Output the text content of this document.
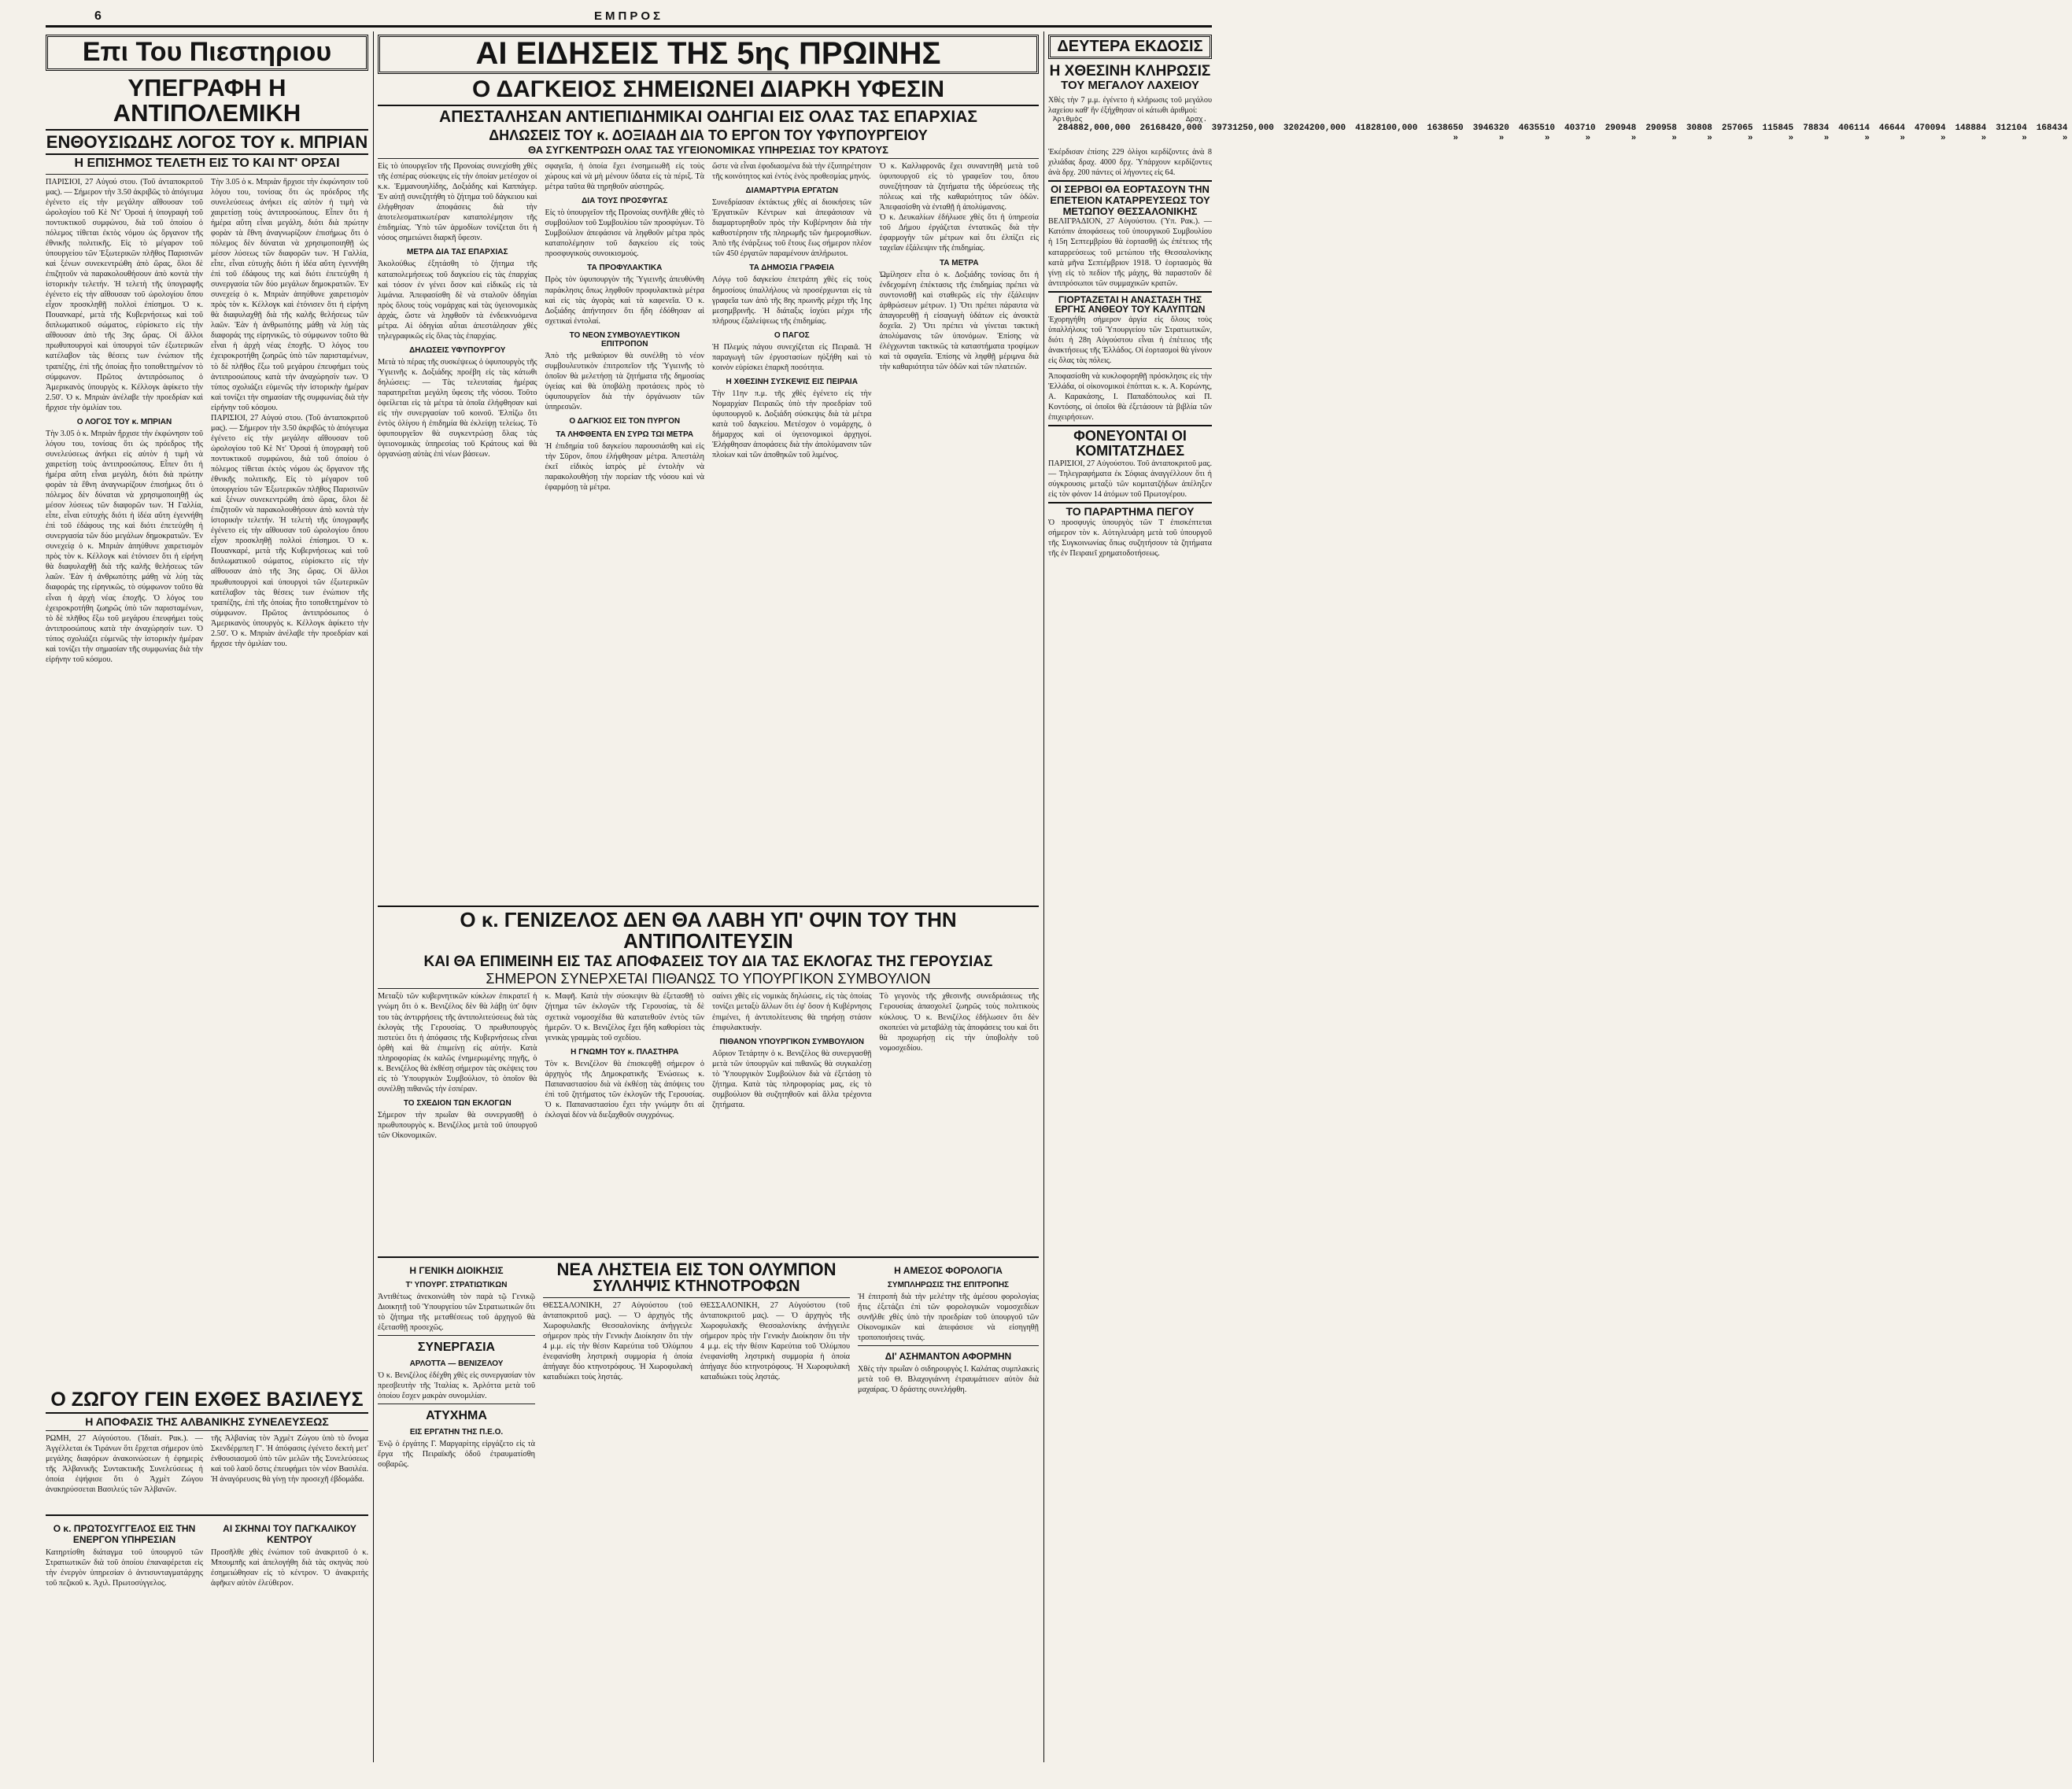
6	ΕΜΠΡΟΣ
Επι Του Πιεστηριου
ΥΠΕΓΡΑΦΗ Η ΑΝΤΙΠΟΛΕΜΙΚΗ
ΕΝΘΟΥΣΙΩΔΗΣ ΛΟΓΟΣ ΤΟΥ κ. ΜΠΡΙΑΝ
Η ΕΠΙΣΗΜΟΣ ΤΕΛΕΤΗ ΕΙΣ ΤΟ ΚΑΙ ΝΤ' ΟΡΣΑΙ

ΠΑΡΙΣΙΟΙ, 27 Αὐγού στου. (Τοῦ ἀνταποκριτοῦ μας). — Σήμερον τὴν 3.50 ἀκριβῶς τὸ ἀπόγευμα ἐγένετο εἰς τὴν μεγάλην αἴθουσαν τοῦ ὡρολογίου τοῦ Κὲ Ντ' Ὀρσαὶ ἡ ὑπογραφὴ τοῦ ποντυκτικοῦ συμφώνου, διὰ τοῦ ὁποίου ὁ πόλεμος τίθεται ἐκτὸς νόμου ὡς ὄργανον τῆς ἐθνικῆς πολιτικῆς. Εἰς τὸ μέγαρον τοῦ ὑπουργείου τῶν Ἐξωτερικῶν πλῆθος Παρισινῶν καὶ ξένων συνεκεντρώθη ἀπὸ ὥρας, ὅλοι δὲ ἐπιζητοῦν νὰ παρακολουθήσουν ἀπὸ κοντὰ τὴν ἱστορικὴν τελετήν. Ἡ τελετὴ τῆς ὑπογραφῆς ἐγένετο εἰς τὴν αἴθουσαν τοῦ ὡρολογίου ὅπου εἶχον προσκληθῇ πολλοὶ ἐπίσημοι. Ὁ κ. Πουανκαρέ, μετὰ τῆς Κυβερνήσεως καὶ τοῦ διπλωματικοῦ σώματος, εὑρίσκετο εἰς τὴν αἴθουσαν ἀπὸ τῆς 3ης ὥρας. Οἱ ἄλλοι πρωθυπουργοὶ καὶ ὑπουργοὶ τῶν ἐξωτερικῶν κατέλαβον τὰς θέσεις των ἐνώπιον τῆς τραπέζης, ἐπὶ τῆς ὁποίας ἦτο τοποθετημένον τὸ σύμφωνον. Πρῶτος ἀντιπρόσωπος ὁ Ἀμερικανὸς ὑπουργὸς κ. Κέλλογκ ἀφίκετο τὴν 2.50'. Ὁ κ. Μπριὰν ἀνέλαβε τὴν προεδρίαν καὶ ἤρχισε τὴν ὁμιλίαν του.

Ο ΛΟΓΟΣ ΤΟΥ κ. ΜΠΡΙΑΝ

Τὴν 3.05 ὁ κ. Μπριὰν ἤρχισε τὴν ἐκφώνησιν τοῦ λόγου του, τονίσας ὅτι ὡς πρόεδρος τῆς συνελεύσεως ἀνήκει εἰς αὐτὸν ἡ τιμὴ νὰ χαιρετίσῃ τοὺς ἀντιπροσώπους. Εἶπεν ὅτι ἡ ἡμέρα αὕτη εἶναι μεγάλη, διότι διὰ πρώτην φορὰν τὰ ἔθνη ἀναγνωρίζουν ἐπισήμως ὅτι ὁ πόλεμος δὲν δύναται νὰ χρησιμοποιηθῇ ὡς μέσον λύσεως τῶν διαφορῶν των. Ἡ Γαλλία, εἶπε, εἶναι εὐτυχὴς διότι ἡ ἰδέα αὕτη ἐγεννήθη ἐπὶ τοῦ ἐδάφους της καὶ διότι ἐπετεύχθη ἡ συνεργασία τῶν δύο μεγάλων δημοκρατιῶν. Ἐν συνεχείᾳ ὁ κ. Μπριὰν ἀπηύθυνε χαιρετισμὸν πρὸς τὸν κ. Κέλλογκ καὶ ἐτόνισεν ὅτι ἡ εἰρήνη θὰ διαφυλαχθῇ διὰ τῆς καλῆς θελήσεως τῶν λαῶν. Ἐὰν ἡ ἀνθρωπότης μάθῃ νὰ λύῃ τὰς διαφοράς της εἰρηνικῶς, τὸ σύμφωνον τοῦτο θὰ εἶναι ἡ ἀρχὴ νέας ἐποχῆς. Ὁ λόγος του ἐχειροκροτήθη ζωηρῶς ὑπὸ τῶν παρισταμένων, τὸ δὲ πλῆθος ἔξω τοῦ μεγάρου ἐπευφήμει τοὺς ἀντιπροσώπους κατὰ τὴν ἀναχώρησίν των. Ὁ τύπος σχολιάζει εὐμενῶς τὴν ἱστορικὴν ἡμέραν καὶ τονίζει τὴν σημασίαν τῆς συμφωνίας διὰ τὴν εἰρήνην τοῦ κόσμου.

Τὴν 3.05 ὁ κ. Μπριὰν ἤρχισε τὴν ἐκφώνησιν τοῦ λόγου του, τονίσας ὅτι ὡς πρόεδρος τῆς συνελεύσεως ἀνήκει εἰς αὐτὸν ἡ τιμὴ νὰ χαιρετίσῃ τοὺς ἀντιπροσώπους. Εἶπεν ὅτι ἡ ἡμέρα αὕτη εἶναι μεγάλη, διότι διὰ πρώτην φορὰν τὰ ἔθνη ἀναγνωρίζουν ἐπισήμως ὅτι ὁ πόλεμος δὲν δύναται νὰ χρησιμοποιηθῇ ὡς μέσον λύσεως τῶν διαφορῶν των. Ἡ Γαλλία, εἶπε, εἶναι εὐτυχὴς διότι ἡ ἰδέα αὕτη ἐγεννήθη ἐπὶ τοῦ ἐδάφους της καὶ διότι ἐπετεύχθη ἡ συνεργασία τῶν δύο μεγάλων δημοκρατιῶν. Ἐν συνεχείᾳ ὁ κ. Μπριὰν ἀπηύθυνε χαιρετισμὸν πρὸς τὸν κ. Κέλλογκ καὶ ἐτόνισεν ὅτι ἡ εἰρήνη θὰ διαφυλαχθῇ διὰ τῆς καλῆς θελήσεως τῶν λαῶν. Ἐὰν ἡ ἀνθρωπότης μάθῃ νὰ λύῃ τὰς διαφοράς της εἰρηνικῶς, τὸ σύμφωνον τοῦτο θὰ εἶναι ἡ ἀρχὴ νέας ἐποχῆς. Ὁ λόγος του ἐχειροκροτήθη ζωηρῶς ὑπὸ τῶν παρισταμένων, τὸ δὲ πλῆθος ἔξω τοῦ μεγάρου ἐπευφήμει τοὺς ἀντιπροσώπους κατὰ τὴν ἀναχώρησίν των. Ὁ τύπος σχολιάζει εὐμενῶς τὴν ἱστορικὴν ἡμέραν καὶ τονίζει τὴν σημασίαν τῆς συμφωνίας διὰ τὴν εἰρήνην τοῦ κόσμου.

ΠΑΡΙΣΙΟΙ, 27 Αὐγού στου. (Τοῦ ἀνταποκριτοῦ μας). — Σήμερον τὴν 3.50 ἀκριβῶς τὸ ἀπόγευμα ἐγένετο εἰς τὴν μεγάλην αἴθουσαν τοῦ ὡρολογίου τοῦ Κὲ Ντ' Ὀρσαὶ ἡ ὑπογραφὴ τοῦ ποντυκτικοῦ συμφώνου, διὰ τοῦ ὁποίου ὁ πόλεμος τίθεται ἐκτὸς νόμου ὡς ὄργανον τῆς ἐθνικῆς πολιτικῆς. Εἰς τὸ μέγαρον τοῦ ὑπουργείου τῶν Ἐξωτερικῶν πλῆθος Παρισινῶν καὶ ξένων συνεκεντρώθη ἀπὸ ὥρας, ὅλοι δὲ ἐπιζητοῦν νὰ παρακολουθήσουν ἀπὸ κοντὰ τὴν ἱστορικὴν τελετήν. Ἡ τελετὴ τῆς ὑπογραφῆς ἐγένετο εἰς τὴν αἴθουσαν τοῦ ὡρολογίου ὅπου εἶχον προσκληθῇ πολλοὶ ἐπίσημοι. Ὁ κ. Πουανκαρέ, μετὰ τῆς Κυβερνήσεως καὶ τοῦ διπλωματικοῦ σώματος, εὑρίσκετο εἰς τὴν αἴθουσαν ἀπὸ τῆς 3ης ὥρας. Οἱ ἄλλοι πρωθυπουργοὶ καὶ ὑπουργοὶ τῶν ἐξωτερικῶν κατέλαβον τὰς θέσεις των ἐνώπιον τῆς τραπέζης, ἐπὶ τῆς ὁποίας ἦτο τοποθετημένον τὸ σύμφωνον. Πρῶτος ἀντιπρόσωπος ὁ Ἀμερικανὸς ὑπουργὸς κ. Κέλλογκ ἀφίκετο τὴν 2.50'. Ὁ κ. Μπριὰν ἀνέλαβε τὴν προεδρίαν καὶ ἤρχισε τὴν ὁμιλίαν του.

Ο ΖΩΓΟΥ ΓΕΙΝ ΕΧΘΕΣ ΒΑΣΙΛΕΥΣ
Η ΑΠΟΦΑΣΙΣ ΤΗΣ ΑΛΒΑΝΙΚΗΣ ΣΥΝΕΛΕΥΣΕΩΣ

ΡΩΜΗ, 27 Αὐγούστου. (Ἰδιαίτ. Ρακ.). — Ἀγγέλλεται ἐκ Τιράνων ὅτι ἔρχεται σήμερον ὑπὸ μεγάλης διαφόρων ἀνακοινώσεων ἡ ἐφημερὶς τῆς Ἀλβανικῆς Συντακτικῆς Συνελεύσεως ἡ ὁποία ἐψήφισε ὅτι ὁ Ἀχμὲτ Ζώγου ἀνακηρύσσεται Βασιλεύς τῶν Ἀλβανῶν.

τῆς Ἀλβανίας τὸν Ἀχμὲτ Ζώγου ὑπὸ τὸ ὄνομα Σκενδέρμπεη Γ'. Ἡ ἀπόφασις ἐγένετο δεκτὴ μετ' ἐνθουσιασμοῦ ὑπὸ τῶν μελῶν τῆς Συνελεύσεως καὶ τοῦ λαοῦ ὅστις ἐπευφήμει τὸν νέον Βασιλέα. Ἡ ἀναγόρευσις θὰ γίνῃ τὴν προσεχῆ ἑβδομάδα.

Ο κ. ΠΡΩΤΟΣΥΓΓΕΛΟΣ ΕΙΣ ΤΗΝ ΕΝΕΡΓΟΝ ΥΠΗΡΕΣΙΑΝ

Κατηρτίσθη διάταγμα τοῦ ὑπουργοῦ τῶν Στρατιωτικῶν διὰ τοῦ ὁποίου ἐπαναφέρεται εἰς τὴν ἐνεργὸν ὑπηρεσίαν ὁ ἀντισυνταγματάρχης τοῦ πεζικοῦ κ. Ἀχιλ. Πρωτοσύγγελος.

ΑΙ ΣΚΗΝΑΙ ΤΟΥ ΠΑΓΚΑΛΙΚΟΥ ΚΕΝΤΡΟΥ

Προσῆλθε χθὲς ἐνώπιον τοῦ ἀνακριτοῦ ὁ κ. Μπουμπῆς καὶ ἀπελογήθη διὰ τὰς σκηνὰς ποὺ ἐσημειώθησαν εἰς τὸ κέντρον. Ὁ ἀνακριτὴς ἀφῆκεν αὐτὸν ἐλεύθερον.

ΑΙ ΕΙΔΗΣΕΙΣ ΤΗΣ 5ης ΠΡΩΙΝΗΣ
Ο ΔΑΓΚΕΙΟΣ ΣΗΜΕΙΩΝΕΙ ΔΙΑΡΚΗ ΥΦΕΣΙΝ
ΑΠΕΣΤΑΛΗΣΑΝ ΑΝΤΙΕΠΙΔΗΜΙΚΑΙ ΟΔΗΓΙΑΙ ΕΙΣ ΟΛΑΣ ΤΑΣ ΕΠΑΡΧΙΑΣ
ΔΗΛΩΣΕΙΣ ΤΟΥ κ. ΔΟΞΙΑΔΗ ΔΙΑ ΤΟ ΕΡΓΟΝ ΤΟΥ ΥΦΥΠΟΥΡΓΕΙΟΥ
ΘΑ ΣΥΓΚΕΝΤΡΩΣΗ ΟΛΑΣ ΤΑΣ ΥΓΕΙΟΝΟΜΙΚΑΣ ΥΠΗΡΕΣΙΑΣ ΤΟΥ ΚΡΑΤΟΥΣ

Εἰς τὸ ὑπουργεῖον τῆς Προνοίας συνεχίσθη χθὲς τῆς ἑσπέρας σύσκεψις εἰς τὴν ὁποίαν μετέσχον οἱ κ.κ. Ἐμμανουηλίδης, Δοξιάδης καὶ Καππάγερ. Ἐν αὐτῇ συνεζητήθη τὸ ζήτημα τοῦ δάγκειου καὶ ἐλήφθησαν ἀποφάσεις διὰ τὴν ἀποτελεσματικωτέραν καταπολέμησιν τῆς ἐπιδημίας. Ὑπὸ τῶν ἁρμοδίων τονίζεται ὅτι ἡ νόσος σημειώνει διαρκῆ ὕφεσιν.

ΜΕΤΡΑ ΔΙΑ ΤΑΣ ΕΠΑΡΧΙΑΣ

Ἀκολούθως ἐξητάσθη τὸ ζήτημα τῆς καταπολεμήσεως τοῦ δαγκείου εἰς τὰς ἐπαρχίας καὶ τόσον ἐν γένει ὅσον καὶ εἰδικῶς εἰς τὰ λιμάνια. Ἀπεφασίσθη δὲ νὰ σταλοῦν ὁδηγίαι πρὸς ὅλους τοὺς νομάρχας καὶ τὰς ὑγειονομικὰς ἀρχάς, ὥστε νὰ ληφθοῦν τὰ ἐνδεικνυόμενα μέτρα. Αἱ ὁδηγίαι αὗται ἀπεστάλησαν χθὲς τηλεγραφικῶς εἰς ὅλας τὰς ἐπαρχίας.

ΔΗΛΩΣΕΙΣ ΥΦΥΠΟΥΡΓΟΥ

Μετὰ τὸ πέρας τῆς συσκέψεως ὁ ὑφυπουργὸς τῆς Ὑγιεινῆς κ. Δοξιάδης προέβη εἰς τὰς κάτωθι δηλώσεις: — Τὰς τελευταίας ἡμέρας παρατηρεῖται μεγάλη ὕφεσις τῆς νόσου. Τοῦτο ὀφείλεται εἰς τὰ μέτρα τὰ ὁποῖα ἐλήφθησαν καὶ εἰς τὴν συνεργασίαν τοῦ κοινοῦ. Ἐλπίζω ὅτι ἐντὸς ὀλίγου ἡ ἐπιδημία θὰ ἐκλείψῃ τελείως. Τὸ ὑφυπουργεῖον θὰ συγκεντρώσῃ ὅλας τὰς ὑγειονομικὰς ὑπηρεσίας τοῦ Κράτους καὶ θὰ ὀργανώσῃ αὐτὰς ἐπὶ νέων βάσεων.

σφαγεῖα, ἡ ὁποία ἔχει ἐνσημειωθῆ εἰς τοὺς χώρους καὶ νὰ μὴ μένουν ὕδατα εἰς τὰ πέριξ. Τὰ μέτρα ταῦτα θὰ τηρηθοῦν αὐστηρῶς.

ΔΙΑ ΤΟΥΣ ΠΡΟΣΦΥΓΑΣ

Εἰς τὸ ὑπουργεῖον τῆς Προνοίας συνῆλθε χθὲς τὸ συμβούλιον τοῦ Συμβουλίου τῶν προσφύγων. Τὸ Συμβούλιον ἀπεφάσισε νὰ ληφθοῦν μέτρα πρὸς καταπολέμησιν τοῦ δαγκείου εἰς τοὺς προσφυγικοὺς συνοικισμούς.

ΤΑ ΠΡΟΦΥΛΑΚΤΙΚΑ

Πρὸς τὸν ὑφυπουργὸν τῆς Ὑγιεινῆς ἀπευθύνθη παράκλησις ὅπως ληφθοῦν προφυλακτικὰ μέτρα καὶ εἰς τὰς ἀγορὰς καὶ τὰ καφενεῖα. Ὁ κ. Δοξιάδης ἀπήντησεν ὅτι ἤδη ἐδόθησαν αἱ σχετικαὶ ἐντολαί.

ΤΟ ΝΕΟΝ ΣΥΜΒΟΥΛΕΥΤΙΚΟΝ ΕΠΙΤΡΟΠΟΝ

Ἀπὸ τῆς μεθαύριον θὰ συνέλθῃ τὸ νέον συμβουλευτικὸν ἐπιτροπεῖον τῆς Ὑγιεινῆς τὸ ὁποῖον θὰ μελετήσῃ τὰ ζητήματα τῆς δημοσίας ὑγείας καὶ θὰ ὑποβάλῃ προτάσεις πρὸς τὸ ὑφυπουργεῖον διὰ τὴν ὀργάνωσιν τῶν ὑπηρεσιῶν.

Ο ΔΑΓΚΙΟΣ ΕΙΣ ΤΟΝ ΠΥΡΓΟΝ
ΤΑ ΛΗΦΘΕΝΤΑ ΕΝ ΣΥΡΩ ΤΩΙ ΜΕΤΡΑ

Ἡ ἐπιδημία τοῦ δαγκείου παρουσιάσθη καὶ εἰς τὴν Σῦρον, ὅπου ἐλήφθησαν μέτρα. Ἀπεστάλη ἐκεῖ εἰδικὸς ἰατρὸς μὲ ἐντολὴν νὰ παρακολουθήσῃ τὴν πορείαν τῆς νόσου καὶ νὰ ἐφαρμόσῃ τὰ μέτρα.

ὥστε νὰ εἶναι ἐφοδιασμένα διὰ τὴν ἐξυπηρέτησιν τῆς κοινότητος καὶ ἐντὸς ἑνὸς προθεσμίας μηνός.

ΔΙΑΜΑΡΤΥΡΙΑ ΕΡΓΑΤΩΝ

Συνεδρίασαν ἐκτάκτως χθὲς αἱ διοικήσεις τῶν Ἐργατικῶν Κέντρων καὶ ἀπεφάσισαν νὰ διαμαρτυρηθοῦν πρὸς τὴν Κυβέρνησιν διὰ τὴν καθυστέρησιν τῆς πληρωμῆς τῶν ἡμερομισθίων. Ἀπὸ τῆς ἐνάρξεως τοῦ ἔτους ἕως σήμερον πλέον τῶν 450 ἐργατῶν παραμένουν ἀπλήρωτοι.

ΤΑ ΔΗΜΟΣΙΑ ΓΡΑΦΕΙΑ

Λόγῳ τοῦ δαγκείου ἐπετράπη χθὲς εἰς τοὺς δημοσίους ὑπαλλήλους νὰ προσέρχωνται εἰς τὰ γραφεῖα των ἀπὸ τῆς 8ης πρωινῆς μέχρι τῆς 1ης μεσημβρινῆς. Ἡ διάταξις ἰσχύει μέχρι τῆς πλήρους ἐξαλείψεως τῆς ἐπιδημίας.

Ο ΠΑΓΟΣ

Ἡ Πλεμύς πάγου συνεχίζεται εἰς Πειραιᾶ. Ἡ παραγωγὴ τῶν ἐργοστασίων ηὐξήθη καὶ τὸ κοινὸν εὑρίσκει ἐπαρκῆ ποσότητα.

Η ΧΘΕΣΙΝΗ ΣΥΣΚΕΨΙΣ ΕΙΣ ΠΕΙΡΑΙΑ

Τὴν 11ην π.μ. τῆς χθὲς ἐγένετο εἰς τὴν Νομαρχίαν Πειραιῶς ὑπὸ τὴν προεδρίαν τοῦ ὑφυπουργοῦ κ. Δοξιάδη σύσκεψις διὰ τὰ μέτρα κατὰ τοῦ δαγκείου. Μετέσχον ὁ νομάρχης, ὁ δήμαρχος καὶ οἱ ὑγειονομικοὶ ἀρχηγοί. Ἐλήφθησαν ἀποφάσεις διὰ τὴν ἀπολύμανσιν τῶν πλοίων καὶ τῶν ἀποθηκῶν τοῦ λιμένος.

Ὁ κ. Καλλιφρονᾶς ἔχει συναντηθῆ μετὰ τοῦ ὑφυπουργοῦ εἰς τὸ γραφεῖον του, ὅπου συνεζήτησαν τὰ ζητήματα τῆς ὑδρεύσεως τῆς πόλεως καὶ τῆς καθαριότητος τῶν ὁδῶν. Ἀπεφασίσθη νὰ ἐνταθῇ ἡ ἀπολύμανσις.

Ὁ κ. Δευκαλίων ἐδήλωσε χθὲς ὅτι ἡ ὑπηρεσία τοῦ Δήμου ἐργάζεται ἐντατικῶς διὰ τὴν ἐφαρμογὴν τῶν μέτρων καὶ ὅτι ἐλπίζει εἰς ταχεῖαν ἐξάλειψιν τῆς ἐπιδημίας.

ΤΑ ΜΕΤΡΑ

Ὡμίλησεν εἶτα ὁ κ. Δοξιάδης τονίσας ὅτι ἡ ἐνδεχομένη ἐπέκτασις τῆς ἐπιδημίας πρέπει νὰ συντονισθῇ καὶ σταθερῶς εἰς τὴν ἐξάλειψιν ἀρθρώσεων μέτρων. 1) Ὅτι πρέπει πάραυτα νὰ ἀπαγορευθῇ ἡ εἰσαγωγὴ ὑδάτων εἰς ἀνοικτὰ δοχεῖα. 2) Ὅτι πρέπει νὰ γίνεται τακτικὴ ἀπολύμανσις τῶν ὑπονόμων. Ἐπίσης νὰ ἐλέγχωνται τακτικῶς τὰ καταστήματα τροφίμων καὶ τὰ σφαγεῖα. Ἐπίσης νὰ ληφθῇ μέριμνα διὰ τὴν καθαριότητα τῶν ὁδῶν καὶ τῶν πλατειῶν.

Ο κ. ΓΕΝΙΖΕΛΟΣ ΔΕΝ ΘΑ ΛΑΒΗ ΥΠ' ΟΨΙΝ ΤΟΥ ΤΗΝ ΑΝΤΙΠΟΛΙΤΕΥΣΙΝ
ΚΑΙ ΘΑ ΕΠΙΜΕΙΝΗ ΕΙΣ ΤΑΣ ΑΠΟΦΑΣΕΙΣ ΤΟΥ ΔΙΑ ΤΑΣ ΕΚΛΟΓΑΣ ΤΗΣ ΓΕΡΟΥΣΙΑΣ
ΣΗΜΕΡΟΝ ΣΥΝΕΡΧΕΤΑΙ ΠΙΘΑΝΩΣ ΤΟ ΥΠΟΥΡΓΙΚΟΝ ΣΥΜΒΟΥΛΙΟΝ

Μεταξὺ τῶν κυβερνητικῶν κύκλων ἐπικρατεῖ ἡ γνώμη ὅτι ὁ κ. Βενιζέλος δὲν θὰ λάβῃ ὑπ' ὄψιν του τὰς ἀντιρρήσεις τῆς ἀντιπολιτεύσεως διὰ τὰς ἐκλογὰς τῆς Γερουσίας. Ὁ πρωθυπουργὸς πιστεύει ὅτι ἡ ἀπόφασις τῆς Κυβερνήσεως εἶναι ὀρθὴ καὶ θὰ ἐπιμείνῃ εἰς αὐτήν. Κατὰ πληροφορίας ἐκ καλῶς ἐνημερωμένης πηγῆς, ὁ κ. Βενιζέλος θὰ ἐκθέσῃ σήμερον τὰς σκέψεις του εἰς τὸ Ὑπουργικὸν Συμβούλιον, τὸ ὁποῖον θὰ συνέλθῃ πιθανῶς τὴν ἑσπέραν.

ΤΟ ΣΧΕΔΙΟΝ ΤΩΝ ΕΚΛΟΓΩΝ

Σήμερον τὴν πρωΐαν θὰ συνεργασθῇ ὁ πρωθυπουργὸς κ. Βενιζέλος μετὰ τοῦ ὑπουργοῦ τῶν Οἰκονομικῶν.

κ. Μαφῆ. Κατὰ τὴν σύσκεψιν θὰ ἐξετασθῇ τὸ ζήτημα τῶν ἐκλογῶν τῆς Γερουσίας, τὰ δὲ σχετικὰ νομοσχέδια θὰ κατατεθοῦν ἐντὸς τῶν ἡμερῶν. Ὁ κ. Βενιζέλος ἔχει ἤδη καθορίσει τὰς γενικὰς γραμμὰς τοῦ σχεδίου.

Η ΓΝΩΜΗ ΤΟΥ κ. ΠΛΑΣΤΗΡΑ

Τὸν κ. Βενιζέλον θὰ ἐπισκεφθῇ σήμερον ὁ ἀρχηγὸς τῆς Δημοκρατικῆς Ἑνώσεως κ. Παπαναστασίου διὰ νὰ ἐκθέσῃ τὰς ἀπόψεις του ἐπὶ τοῦ ζητήματος τῶν ἐκλογῶν τῆς Γερουσίας. Ὁ κ. Παπαναστασίου ἔχει τὴν γνώμην ὅτι αἱ ἐκλογαὶ δέον νὰ διεξαχθοῦν συγχρόνως.

σαίνει χθὲς εἰς νομικὰς δηλώσεις, εἰς τὰς ὁποίας τονίζει μεταξὺ ἄλλων ὅτι ἐφ' ὅσον ἡ Κυβέρνησις ἐπιμένει, ἡ ἀντιπολίτευσις θὰ τηρήσῃ στάσιν ἐπιφυλακτικήν.

ΠΙΘΑΝΟΝ ΥΠΟΥΡΓΙΚΟΝ ΣΥΜΒΟΥΛΙΟΝ

Αὔριον Τετάρτην ὁ κ. Βενιζέλος θὰ συνεργασθῇ μετὰ τῶν ὑπουργῶν καὶ πιθανῶς θὰ συγκαλέσῃ τὸ Ὑπουργικὸν Συμβούλιον διὰ νὰ ἐξετάσῃ τὸ ζήτημα. Κατὰ τὰς πληροφορίας μας, εἰς τὸ συμβούλιον θὰ συζητηθοῦν καὶ ἄλλα τρέχοντα ζητήματα.

Τὸ γεγονὸς τῆς χθεσινῆς συνεδριάσεως τῆς Γερουσίας ἀπασχολεῖ ζωηρῶς τοὺς πολιτικοὺς κύκλους. Ὁ κ. Βενιζέλος ἐδήλωσεν ὅτι δὲν σκοπεύει νὰ μεταβάλῃ τὰς ἀποφάσεις του καὶ ὅτι θὰ προχωρήσῃ εἰς τὴν ὑποβολὴν τοῦ νομοσχεδίου.

Η ΓΕΝΙΚΗ ΔΙΟΙΚΗΣΙΣ
Τ' ΥΠΟΥΡΓ. ΣΤΡΑΤΙΩΤΙΚΩΝ

Ἀντιθέτως ἀνεκοινώθη τὸν παρὰ τῷ Γενικῷ Διοικητῇ τοῦ Ὑπουργείου τῶν Στρατιωτικῶν ὅτι τὸ ζήτημα τῆς μεταθέσεως τοῦ ἀρχηγοῦ θὰ ἐξετασθῇ προσεχῶς.

ΣΥΝΕΡΓΑΣΙΑ
ΑΡΛΟΤΤΑ — ΒΕΝΙΖΕΛΟΥ

Ὁ κ. Βενιζέλος ἐδέχθη χθὲς εἰς συνεργασίαν τὸν πρεσβευτὴν τῆς Ἰταλίας κ. Ἀρλόττα μετὰ τοῦ ὁποίου ἔσχεν μακρὰν συνομιλίαν.

ΑΤΥΧΗΜΑ
ΕΙΣ ΕΡΓΑΤΗΝ ΤΗΣ Π.Ε.Ο.

Ἐνῷ ὁ ἐργάτης Γ. Μαργαρίτης εἰργάζετο εἰς τὰ ἔργα τῆς Πειραϊκῆς ὁδοῦ ἐτραυματίσθη σοβαρῶς.

ΝΕΑ ΛΗΣΤΕΙΑ ΕΙΣ ΤΟΝ ΟΛΥΜΠΟΝ
ΣΥΛΛΗΨΙΣ ΚΤΗΝΟΤΡΟΦΩΝ

ΘΕΣΣΑΛΟΝΙΚΗ, 27 Αὐγούστου (τοῦ ἀνταποκριτοῦ μας). — Ὁ ἀρχηγὸς τῆς Χωροφυλακῆς Θεσσαλονίκης ἀνήγγειλε σήμερον πρὸς τὴν Γενικὴν Διοίκησιν ὅτι τὴν 4 μ.μ. εἰς τὴν θέσιν Καρεύτια τοῦ Ὀλύμπου ἐνεφανίσθη ληστρικὴ συμμορία ἡ ὁποία ἀπήγαγε δύο κτηνοτρόφους. Ἡ Χωροφυλακὴ καταδιώκει τοὺς ληστάς.

ΘΕΣΣΑΛΟΝΙΚΗ, 27 Αὐγούστου (τοῦ ἀνταποκριτοῦ μας). — Ὁ ἀρχηγὸς τῆς Χωροφυλακῆς Θεσσαλονίκης ἀνήγγειλε σήμερον πρὸς τὴν Γενικὴν Διοίκησιν ὅτι τὴν 4 μ.μ. εἰς τὴν θέσιν Καρεύτια τοῦ Ὀλύμπου ἐνεφανίσθη ληστρικὴ συμμορία ἡ ὁποία ἀπήγαγε δύο κτηνοτρόφους. Ἡ Χωροφυλακὴ καταδιώκει τοὺς ληστάς.

Η ΑΜΕΣΟΣ ΦΟΡΟΛΟΓΙΑ
ΣΥΜΠΛΗΡΩΣΙΣ ΤΗΣ ΕΠΙΤΡΟΠΗΣ

Ἡ ἐπιτροπὴ διὰ τὴν μελέτην τῆς ἀμέσου φορολογίας ἥτις ἐξετάζει ἐπὶ τῶν φορολογικῶν νομοσχεδίων συνῆλθε χθὲς ὑπὸ τὴν προεδρίαν τοῦ ὑπουργοῦ τῶν Οἰκονομικῶν καὶ ἀπεφάσισε νὰ εἰσηγηθῇ τροποποιήσεις τινάς.

ΔΙ' ΑΣΗΜΑΝΤΟΝ ΑΦΟΡΜΗΝ

Χθὲς τὴν πρωΐαν ὁ σιδηρουργὸς Ι. Καλάτας συμπλακεὶς μετὰ τοῦ Θ. Βλαχογιάννη ἐτραυμάτισεν αὐτὸν διὰ μαχαίρας. Ὁ δράστης συνελήφθη.

ΔΕΥΤΕΡΑ ΕΚΔΟΣΙΣ
Η ΧΘΕΣΙΝΗ ΚΛΗΡΩΣΙΣ
ΤΟΥ ΜΕΓΑΛΟΥ ΛΑΧΕΙΟΥ

Χθὲς τὴν 7 μ.μ. ἐγένετο ἡ κλήρωσις τοῦ μεγάλου λαχείου καθ' ἣν ἐξήχθησαν οἱ κάτωθι ἀριθμοί:

Ἀριθμὸς	Δραχ.
28488 2,000,000 26168 420,000 39731 250,000 32024 200,000 41828 100,000 16386 50 »
39463 20 »
46355 10 »
4037 10 »
29094 8 »
29095 8 »
3080 8 »
25706 5 »
11584 5 »
7883 4 »
40611 4 »
4664 4 »
47009 4 »
14888 4 »
31210 4 »
16843 4 »

Ἐκέρδισαν ἐπίσης 229 ὀλίγοι κερδίζοντες ἀνὰ 8 χιλιάδας δραχ. 4000 δρχ. Ὑπάρχουν κερδίζοντες ἀνὰ δρχ. 200 πάντες οἱ λήγοντες εἰς 64.

ΟΙ ΣΕΡΒΟΙ ΘΑ ΕΟΡΤΑΣΟΥΝ ΤΗΝ ΕΠΕΤΕΙΟΝ ΚΑΤΑΡΡΕΥΣΕΩΣ ΤΟΥ ΜΕΤΩΠΟΥ ΘΕΣΣΑΛΟΝΙΚΗΣ

ΒΕΛΙΓΡΑΔΙΟΝ, 27 Αὐγούστου. (Ὑπ. Ρακ.). — Κατόπιν ἀποφάσεως τοῦ ὑπουργικοῦ Συμβουλίου ἡ 15η Σεπτεμβρίου θὰ ἑορτασθῇ ὡς ἐπέτειος τῆς καταρρεύσεως τοῦ μετώπου τῆς Θεσσαλονίκης κατὰ μῆνα Σεπτέμβριον 1918. Ὁ ἑορτασμὸς θὰ γίνῃ εἰς τὸ πεδίον τῆς μάχης, θὰ παραστοῦν δὲ ἀντιπρόσωποι τῶν συμμαχικῶν κρατῶν.

ΓΙΟΡΤΑΖΕΤΑΙ Η ΑΝΑΣΤΑΣΗ ΤΗΣ ΕΡΓΗΣ ΑΝΘΕΟΥ ΤΟΥ ΚΑΛΥΠΤΩΝ

Ἐχορηγήθη σήμερον ἀργία εἰς ὅλους τοὺς ὑπαλλήλους τοῦ Ὑπουργείου τῶν Στρατιωτικῶν, διότι ἡ 28η Αὐγούστου εἶναι ἡ ἐπέτειος τῆς ἀνακτήσεως τῆς Ἑλλάδος. Οἱ ἐορτασμοὶ θὰ γίνουν εἰς ὅλας τὰς πόλεις.

Ἀποφασίσθη νὰ κυκλοφορηθῇ πρόσκλησις εἰς τὴν Ἐλλάδα, οἱ οἰκονομικοὶ ἐπόπται κ. κ. Α. Κορώνης, Α. Καρακάσης, Ι. Παπαδόπουλος καὶ Π. Κοντόσης, οἱ ὁποῖοι θὰ ἐξετάσουν τὰ βιβλία τῶν ἐπιχειρήσεων.

ΦΟΝΕΥΟΝΤΑΙ ΟΙ ΚΟΜΙΤΑΤΖΗΔΕΣ

ΠΑΡΙΣΙΟΙ, 27 Αὐγούστου. Τοῦ ἀνταποκριτοῦ μας. — Τηλεγραφήματα ἐκ Σόφιας ἀναγγέλλουν ὅτι ἡ σύγκρουσις μεταξὺ τῶν κομιτατζήδων ἀπέληξεν εἰς τὸν φόνον 14 ἀτόμων τοῦ Πρωτογέρου.

ΤΟ ΠΑΡΑΡΤΗΜΑ ΠΕΓΟΥ

Ὁ προσφυγὶς ὑπουργὸς τῶν Τ ἐπισκέπτεται σήμερον τὸν κ. Αὐτιγλευάρη μετὰ τοῦ ὑπουργοῦ τῆς Συγκοινωνίας ὅπως συζητήσουν τὰ ζητήματα τῆς ἐν Πειραιεῖ χρηματοδοτήσεως.
